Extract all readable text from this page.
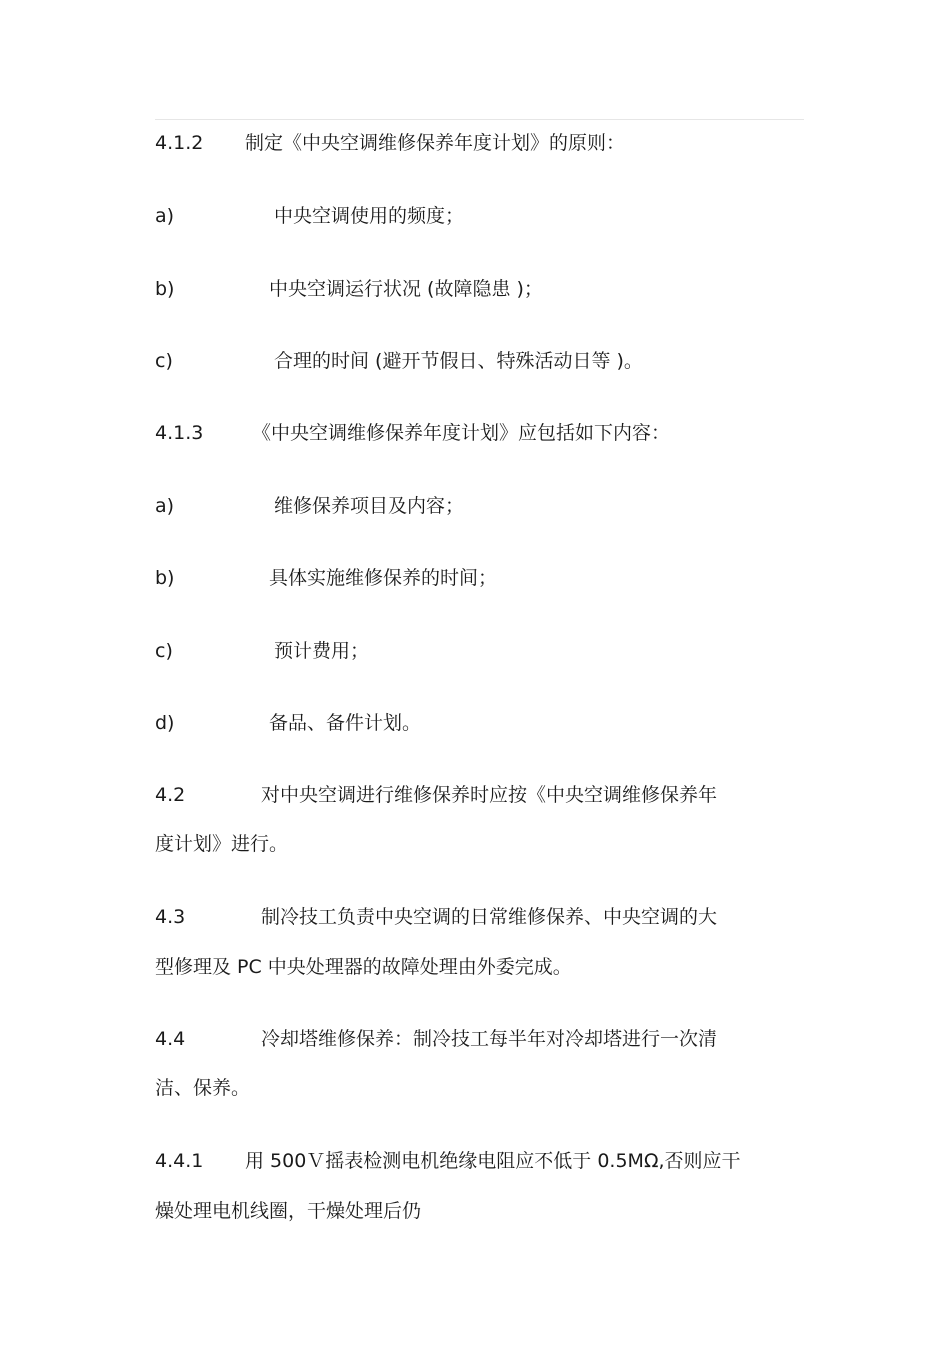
4.1.2 制定《中央空调维修保养年度计划》的原则：
a)	中央空调使用的频度；
b)	中央空调运行状况 (故障隐患 )；
c)	合理的时间 (避开节假日、特殊活动日等 )。
4.1.3	《中央空调维修保养年度计划》应包括如下内容：
a)	维修保养项目及内容；
b)	具体实施维修保养的时间；
c)	预计费用；
d)	备品、备件计划。
4.2	对中央空调进行维修保养时应按《中央空调维修保养年
度计划》进行。
4.3	制冷技工负责中央空调的日常维修保养、中央空调的大
型修理及 PC 中央处理器的故障处理由外委完成。
4.4	冷却塔维修保养：制冷技工每半年对冷却塔进行一次清
洁、保养。
4.4.1 用 500Ｖ摇表检测电机绝缘电阻应不低于 0.5MΩ,否则应干
燥处理电机线圈，干燥处理后仍
